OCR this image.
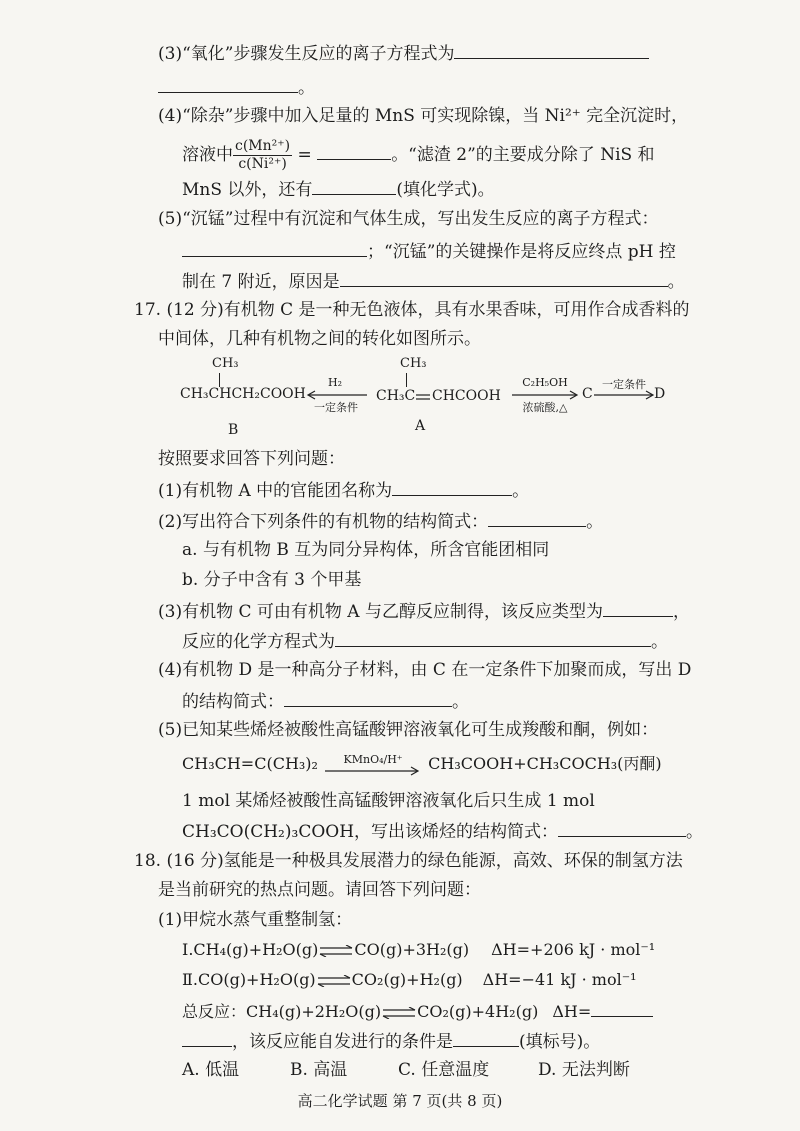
(3)“氧化”步骤发生反应的离子方程式为
。
(4)“除杂”步骤中加入足量的 MnS 可实现除镍，当 Ni²⁺ 完全沉淀时，
溶液中 $\frac{\text{c(Mn²⁺)}}{\text{c(Ni²⁺)}}$ =	。“滤渣 2”的主要成分除了 NiS 和
MnS 以外，还有	(填化学式)。
(5)“沉锰”过程中有沉淀和气体生成，写出发生反应的离子方程式：
；“沉锰”的关键操作是将反应终点 pH 控
制在 7 附近，原因是	。
17. (12 分)有机物 C 是一种无色液体，具有水果香味，可用作合成香料的
中间体，几种有机物之间的转化如图所示。
CH₃
CH₃CHCH₂COOH
H₂
一定条件
CH₃
CH₃C CHCOOH
C₂H₅OH
浓硫酸,△
C
一定条件
D
B	A
按照要求回答下列问题：
(1)有机物 A 中的官能团名称为	。
(2)写出符合下列条件的有机物的结构简式：	。
a. 与有机物 B 互为同分异构体，所含官能团相同
b. 分子中含有 3 个甲基
(3)有机物 C 可由有机物 A 与乙醇反应制得，该反应类型为	，
反应的化学方程式为	。
(4)有机物 D 是一种高分子材料，由 C 在一定条件下加聚而成，写出 D
的结构简式：	。
(5)已知某些烯烃被酸性高锰酸钾溶液氧化可生成羧酸和酮，例如：
CH₃CH=C(CH₃)₂	KMnO₄/H⁺	CH₃COOH+CH₃COCH₃(丙酮)
1 mol 某烯烃被酸性高锰酸钾溶液氧化后只生成 1 mol
CH₃CO(CH₂)₃COOH，写出该烯烃的结构简式：	。
18. (16 分)氢能是一种极具发展潜力的绿色能源，高效、环保的制氢方法
是当前研究的热点问题。请回答下列问题：
(1)甲烷水蒸气重整制氢：
Ⅰ.CH₄(g)+H₂O(g)⇌CO(g)+3H₂(g) ΔH=+206 kJ · mol⁻¹
Ⅱ.CO(g)+H₂O(g)⇌CO₂(g)+H₂(g) ΔH=−41 kJ · mol⁻¹
总反应：CH₄(g)+2H₂O(g)⇌CO₂(g)+4H₂(g) ΔH=
，该反应能自发进行的条件是	(填标号)。
A. 低温	B. 高温	C. 任意温度	D. 无法判断
高二化学试题 第 7 页(共 8 页)
